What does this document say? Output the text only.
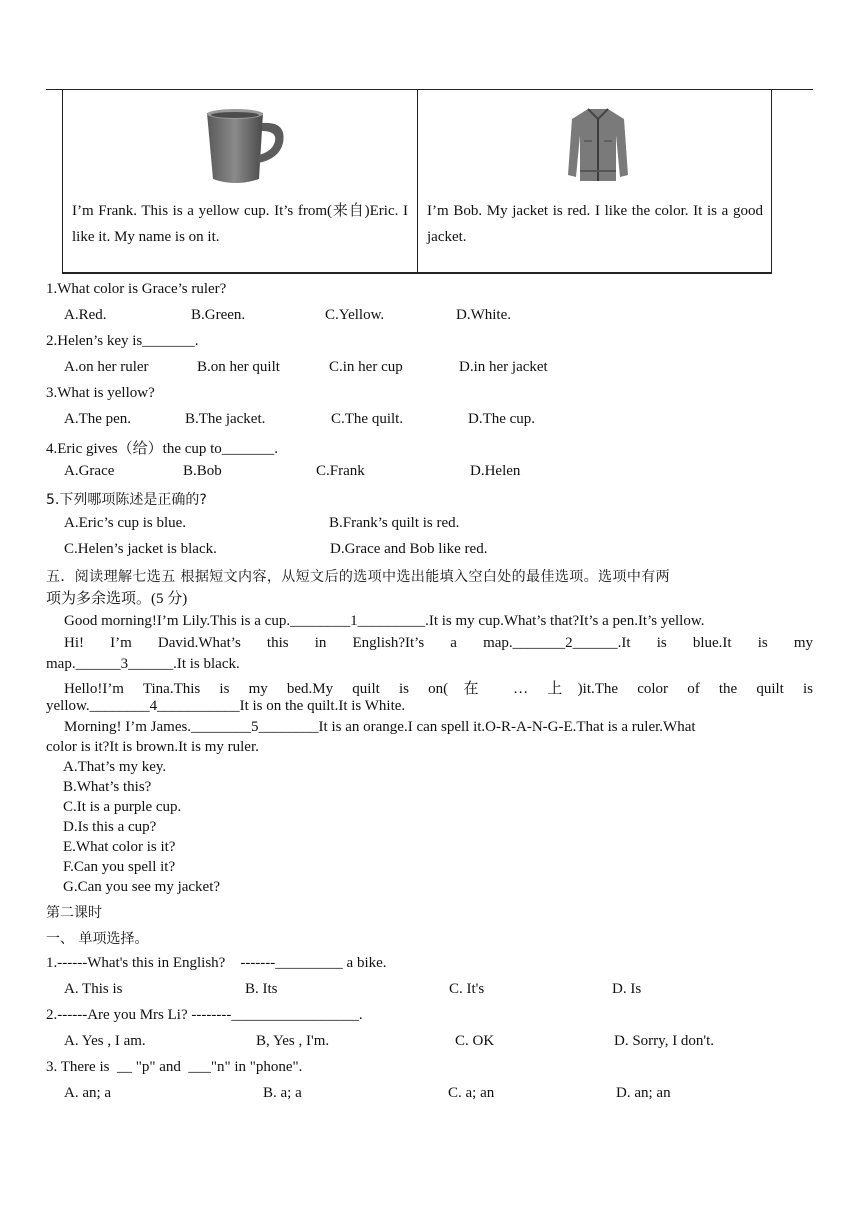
I’m Frank. This is a yellow cup. It’s from(来自)Eric. I like it. My name is on it.
I’m Bob. My jacket is red. I like the color. It is a good jacket.
1.What color is Grace’s ruler?
A.Red.	B.Green.	C.Yellow.	D.White.
2.Helen’s key is_______.
A.on her ruler	B.on her quilt	C.in her cup	D.in her jacket
3.What is yellow?
A.The pen.	B.The jacket.	C.The quilt.	D.The cup.
4.Eric gives（给）the cup to_______.
A.Grace	B.Bob	C.Frank	D.Helen
5.下列哪项陈述是正确的?
A.Eric’s cup is blue.	B.Frank’s quilt is red.
C.Helen’s jacket is black.	D.Grace and Bob like red.
五．阅读理解七选五 根据短文内容，从短文后的选项中选出能填入空白处的最佳选项。选项中有两
项为多余选项。(5 分)
Good morning!I’m Lily.This is a cup.________1_________.It is my cup.What’s that?It’s a pen.It’s yellow.
Hi! I’m David.What’s this in English?It’s a map._______2______.It is blue.It is my
map.______3______.It is black.
Hello!I’m Tina.This is my bed.My quilt is on(在 … 上)it.The color of the quilt is
yellow.________4___________It is on the quilt.It is White.
Morning! I’m James.________5________It is an orange.I can spell it.O-R-A-N-G-E.That is a ruler.What
color is it?It is brown.It is my ruler.
A.That’s my key.
B.What’s this?
C.It is a purple cup.
D.Is this a cup?
E.What color is it?
F.Can you spell it?
G.Can you see my jacket?
第二课时
一、 单项选择。
1.------What's this in English?    -------_________ a bike.
A. This is	B. Its	C. It's	D. Is
2.------Are you Mrs Li? --------_________________.
A. Yes , I am.	B, Yes , I'm.	C. OK	D. Sorry, I don't.
3. There is  __ "p" and  ___"n" in "phone".
A. an; a	B. a; a	C. a; an	D. an; an
